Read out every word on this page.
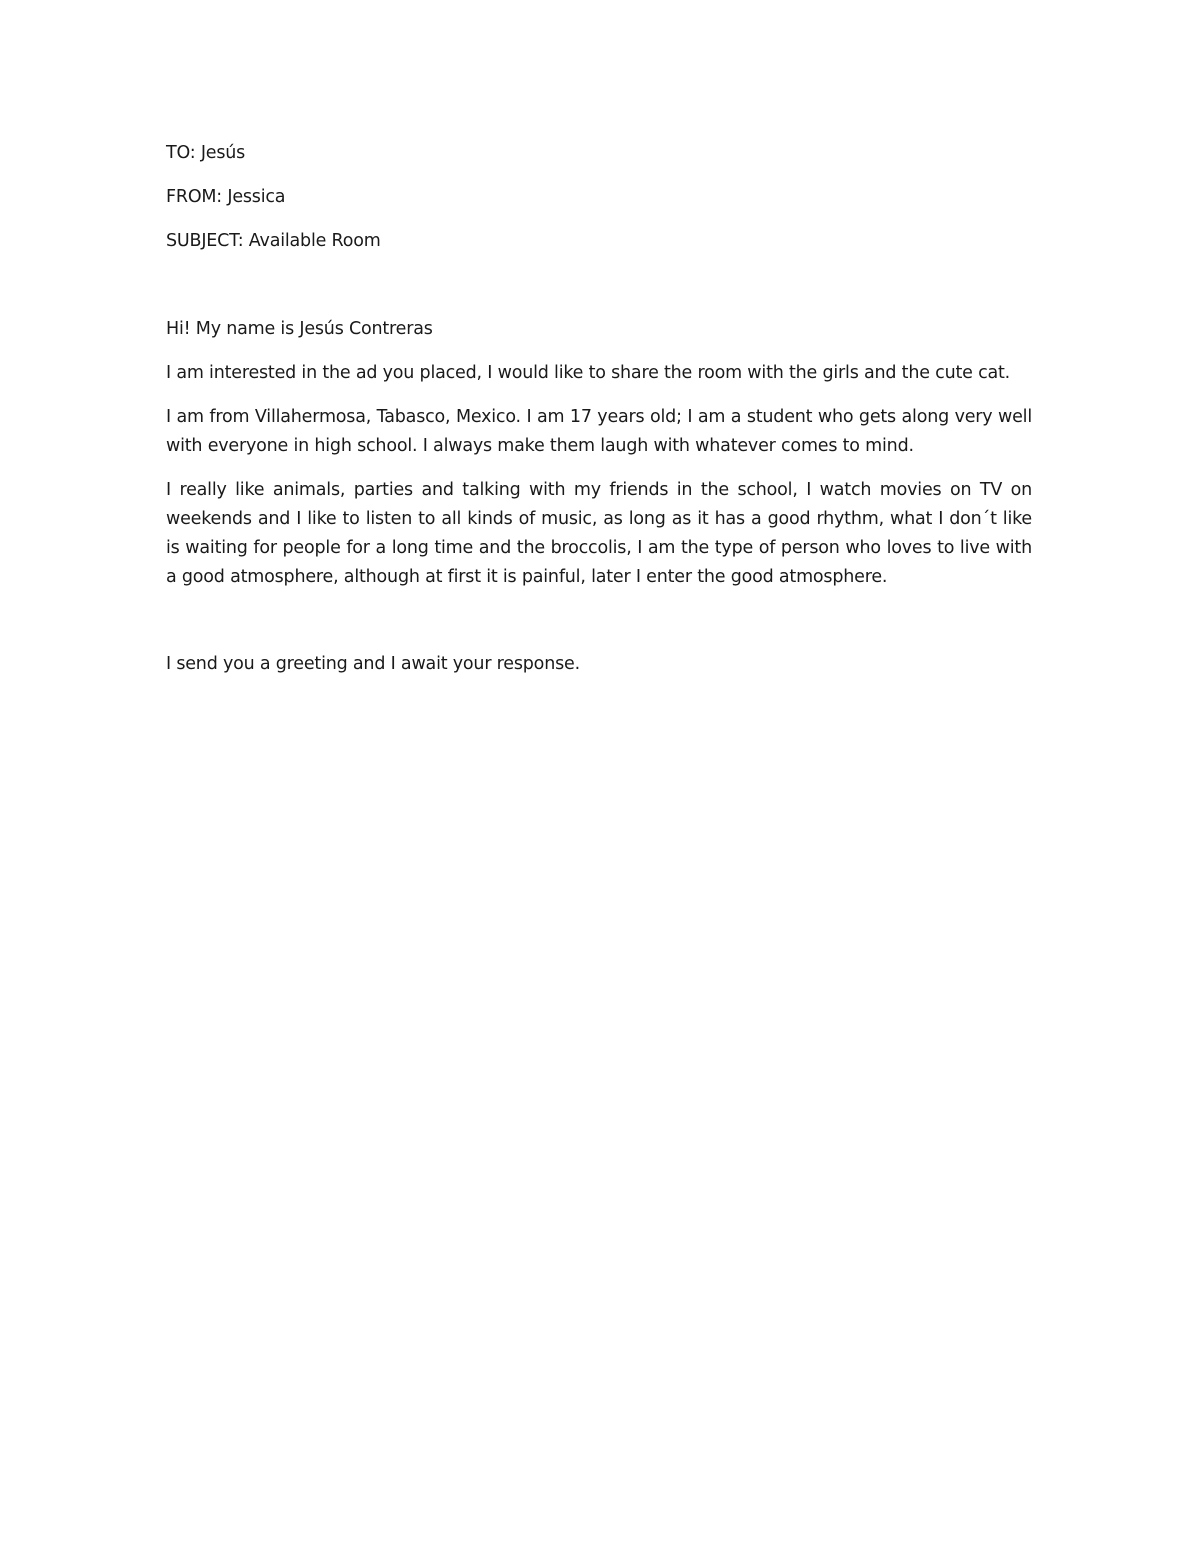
TO: Jesús

FROM: Jessica

SUBJECT: Available Room

Hi! My name is Jesús Contreras

I am interested in the ad you placed, I would like to share the room with the girls and the cute cat.

I am from Villahermosa, Tabasco, Mexico. I am 17 years old; I am a student who gets along very well with everyone in high school. I always make them laugh with whatever comes to mind.

I really like animals, parties and talking with my friends in the school, I watch movies on TV on weekends and I like to listen to all kinds of music, as long as it has a good rhythm, what I don´t like is waiting for people for a long time and the broccolis, I am the type of person who loves to live with a good atmosphere, although at first it is painful, later I enter the good atmosphere.

I send you a greeting and I await your response.
